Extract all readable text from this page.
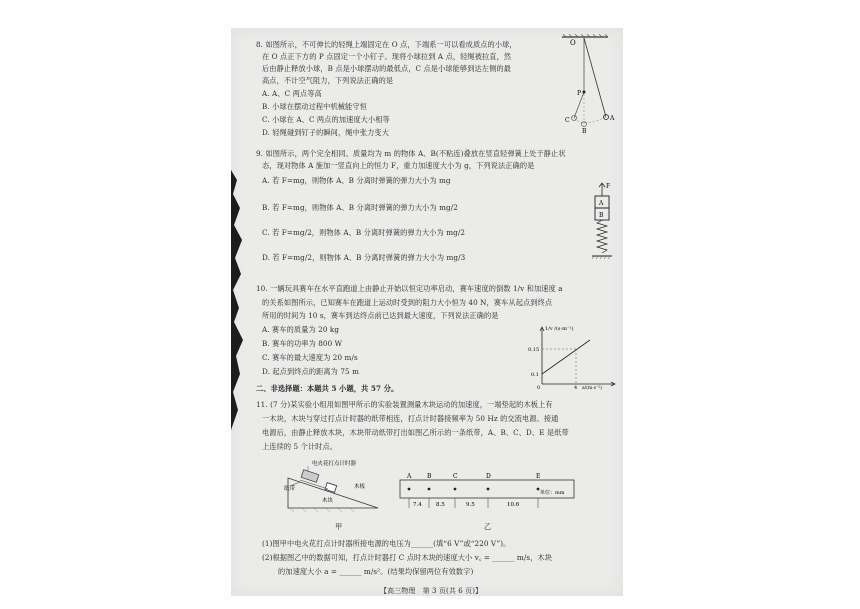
8. 如图所示，不可伸长的轻绳上端固定在 O 点，下端系一可以看成质点的小球，
在 O 点正下方的 P 点固定一个小钉子。现将小球拉到 A 点，轻绳被拉直，然
后由静止释放小球，B 点是小球摆动的最低点，C 点是小球能够到达左侧的最
高点，不计空气阻力，下列说法正确的是
A. A、C 两点等高
B. 小球在摆动过程中机械能守恒
C. 小球在 A、C 两点的加速度大小相等
D. 轻绳碰到钉子的瞬间，绳中张力变大
O
P
A
B
C
9. 如图所示，两个完全相同、质量均为 m 的物体 A、B(不粘连)叠放在竖直轻弹簧上处于静止状
态，现对物体 A 施加一竖直向上的恒力 F，重力加速度大小为 g，下列说法正确的是
A. 若 F=mg，则物体 A、B 分离时弹簧的弹力大小为 mg
B. 若 F=mg，则物体 A、B 分离时弹簧的弹力大小为 mg/2
C. 若 F=mg/2，则物体 A、B 分离时弹簧的弹力大小为 mg/2
D. 若 F=mg/2，则物体 A、B 分离时弹簧的弹力大小为 mg/3
F
A
B
10. 一辆玩具赛车在水平直跑道上由静止开始以恒定功率启动，赛车速度的倒数 1/v 和加速度 a
的关系如图所示，已知赛车在跑道上运动时受到的阻力大小恒为 40 N，赛车从起点到终点
所用的时间为 10 s，赛车到达终点前已达到最大速度，下列说法正确的是
A. 赛车的质量为 20 kg
B. 赛车的功率为 800 W
C. 赛车的最大速度为 20 m/s
D. 起点到终点的距离为 75 m
1/v /(s·m⁻¹)
a/(m·s⁻²)
0
0.15
0.1
4
二、非选择题：本题共 5 小题，共 57 分。
11. (7 分)某实验小组用如图甲所示的实验装置测量木块运动的加速度，一端垫起的木板上有
一木块，木块与穿过打点计时器的纸带相连，打点计时器接频率为 50 Hz 的交流电源。接通
电源后，由静止释放木块，木块带动纸带打出如图乙所示的一条纸带，A、B、C、D、E 是纸带
上连续的 5 个计时点。
电火花打点计时器
纸带
木块
木板
甲
A	B	C	D	E
7.4	8.5	9.5	10.6
单位：mm
乙
(1)图甲中电火花打点计时器所接电源的电压为______(填“6 V”或“220 V”)。
(2)根据图乙中的数据可知，打点计时器打 C 点时木块的速度大小 v꜀ = ______ m/s，木块
的加速度大小 a = ______ m/s²。(结果均保留两位有效数字)
【高三物理　第 3 页(共 6 页)】
